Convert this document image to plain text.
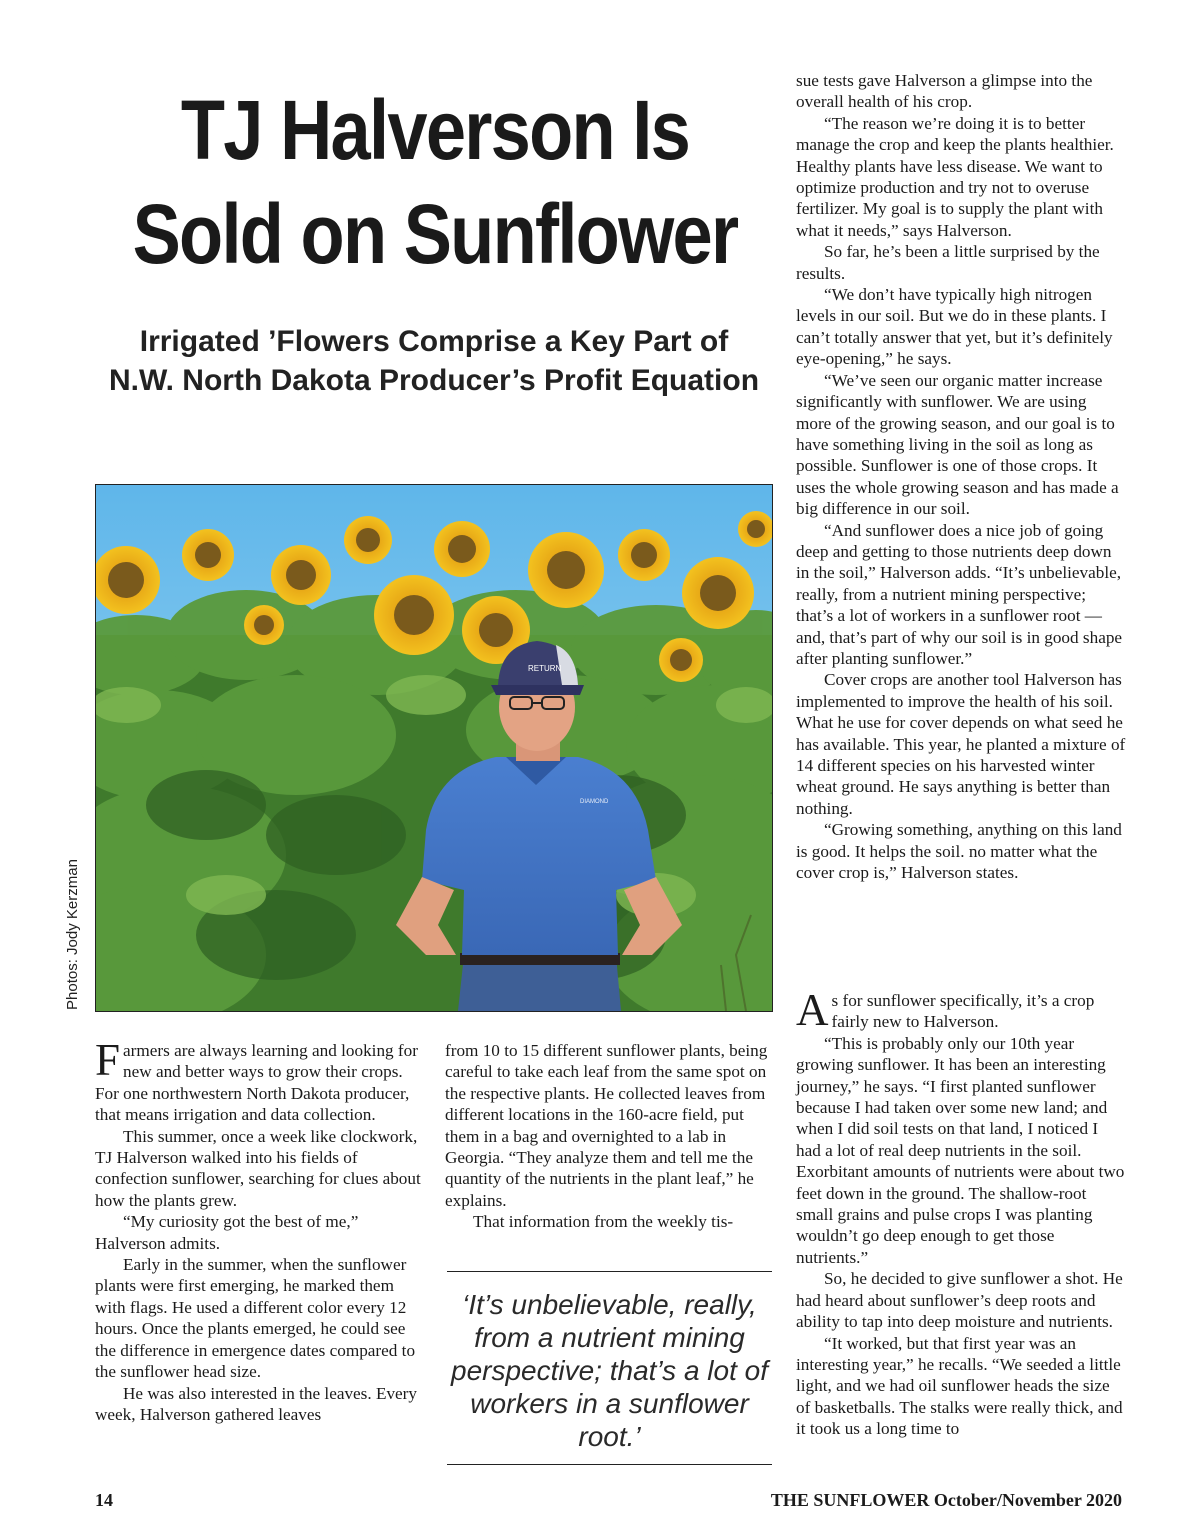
TJ Halverson Is
Sold on Sunflower
Irrigated ’Flowers Comprise a Key Part of
N.W. North Dakota Producer’s Profit Equation
RETURN
DIAMOND
Photos: Jody Kerzman

Farmers are always learning and looking for new and better ways to grow their crops. For one northwestern North Dakota producer, that means irrigation and data collection.

This summer, once a week like clockwork, TJ Halverson walked into his fields of confection sunflower, searching for clues about how the plants grew.

“My curiosity got the best of me,” Halverson admits.

Early in the summer, when the sunflower plants were first emerging, he marked them with flags. He used a different color every 12 hours. Once the plants emerged, he could see the difference in emergence dates compared to the sunflower head size.

He was also interested in the leaves. Every week, Halverson gathered leaves

from 10 to 15 different sunflower plants, being careful to take each leaf from the same spot on the respective plants. He collected leaves from different locations in the 160-acre field, put them in a bag and overnighted to a lab in Georgia. “They analyze them and tell me the quantity of the nutrients in the plant leaf,” he explains.

That information from the weekly tis-

‘It’s unbelievable, really, from a nutrient mining perspective; that’s a lot of workers in a sunflower root.’

sue tests gave Halverson a glimpse into the overall health of his crop.

“The reason we’re doing it is to better manage the crop and keep the plants healthier. Healthy plants have less disease. We want to optimize production and try not to overuse fertilizer. My goal is to supply the plant with what it needs,” says Halverson.

So far, he’s been a little surprised by the results.

“We don’t have typically high nitrogen levels in our soil. But we do in these plants. I can’t totally answer that yet, but it’s definitely eye-opening,” he says.

“We’ve seen our organic matter increase significantly with sunflower. We are using more of the growing season, and our goal is to have something living in the soil as long as possible. Sunflower is one of those crops. It uses the whole growing season and has made a big difference in our soil.

“And sunflower does a nice job of going deep and getting to those nutrients deep down in the soil,” Halverson adds. “It’s unbelievable, really, from a nutrient mining perspective; that’s a lot of workers in a sunflower root — and, that’s part of why our soil is in good shape after planting sunflower.”

Cover crops are another tool Halverson has implemented to improve the health of his soil. What he use for cover depends on what seed he has available. This year, he planted a mixture of 14 different species on his harvested winter wheat ground. He says anything is better than nothing.

“Growing something, anything on this land is good. It helps the soil. no matter what the cover crop is,” Halverson states.

As for sunflower specifically, it’s a crop fairly new to Halverson.

“This is probably only our 10th year growing sunflower. It has been an interesting journey,” he says. “I first planted sunflower because I had taken over some new land; and when I did soil tests on that land, I noticed I had a lot of real deep nutrients in the soil. Exorbitant amounts of nutrients were about two feet down in the ground. The shallow-root small grains and pulse crops I was planting wouldn’t go deep enough to get those nutrients.”

So, he decided to give sunflower a shot. He had heard about sunflower’s deep roots and ability to tap into deep moisture and nutrients.

“It worked, but that first year was an interesting year,” he recalls. “We seeded a little light, and we had oil sunflower heads the size of basketballs. The stalks were really thick, and it took us a long time to

14	THE SUNFLOWER October/November 2020
